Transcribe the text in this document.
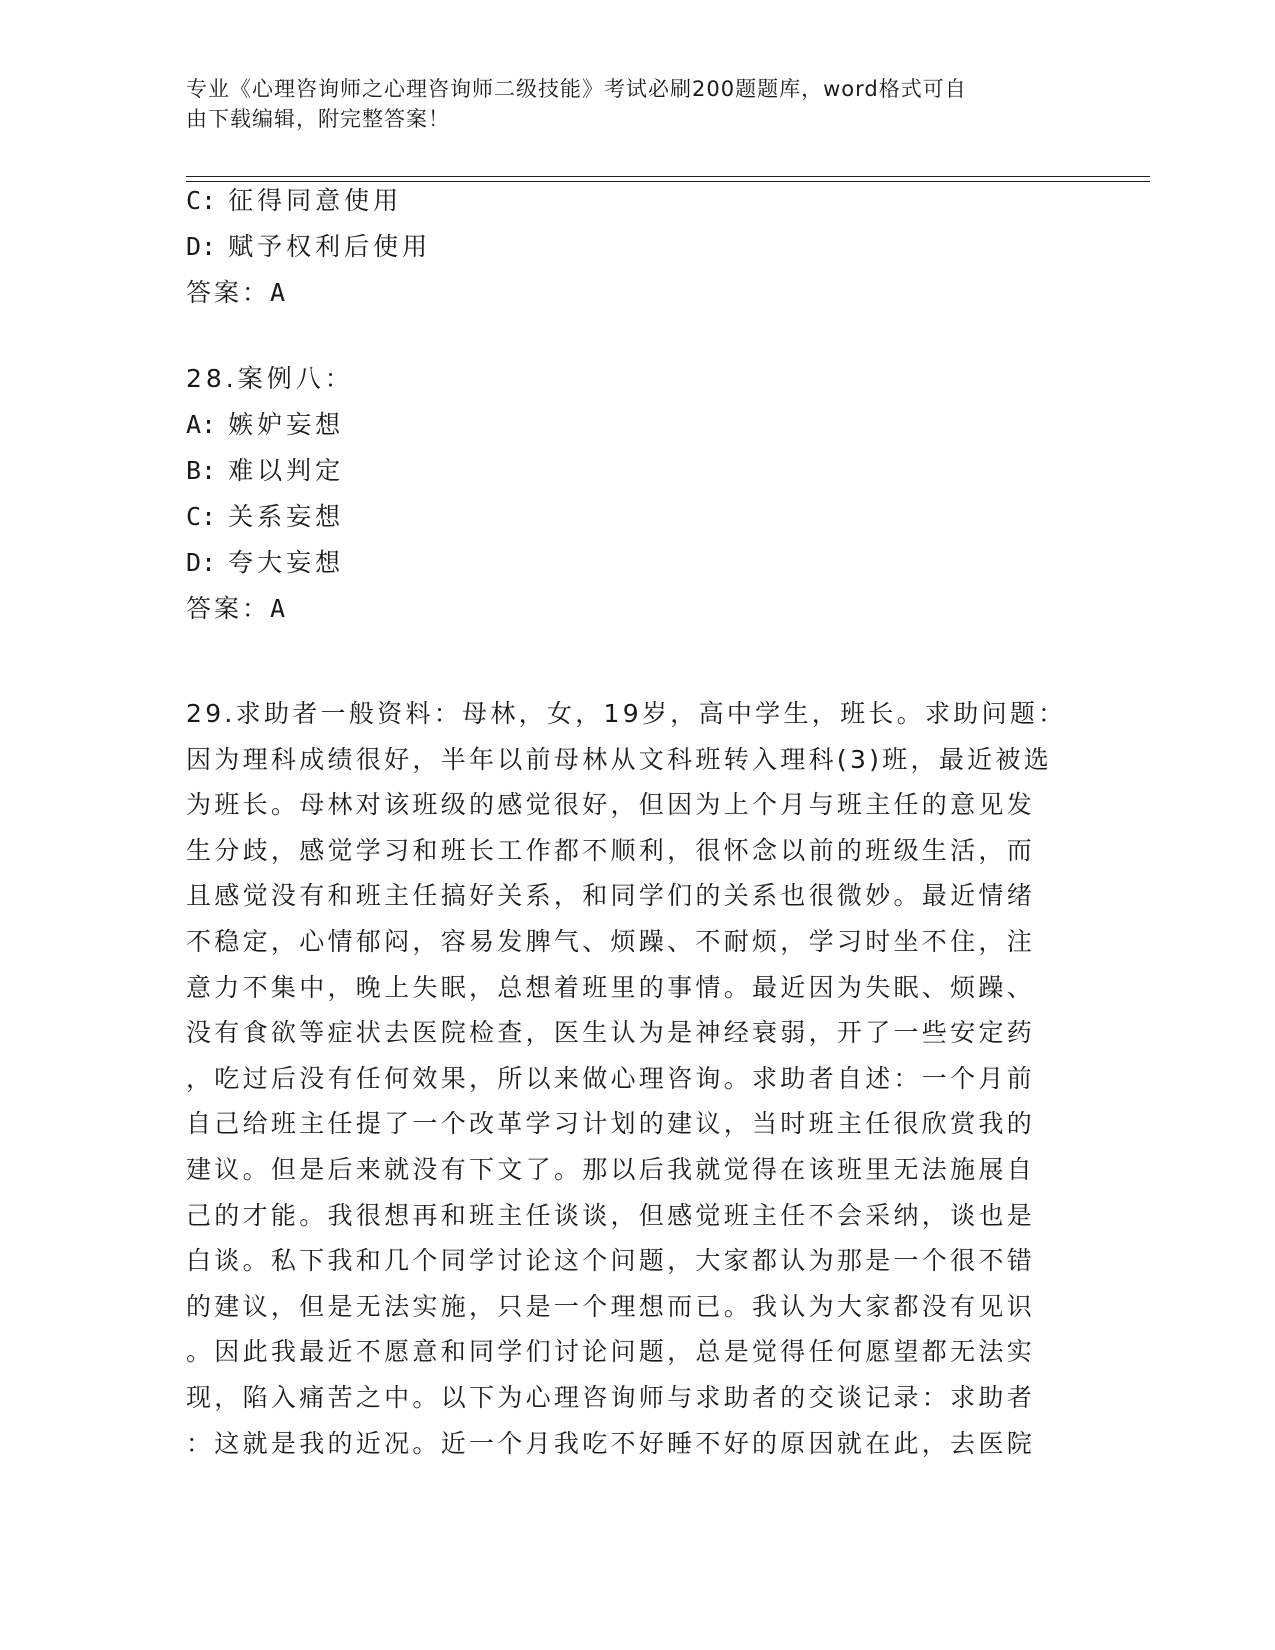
专业《心理咨询师之心理咨询师二级技能》考试必刷200题题库，word格式可自
由下载编辑，附完整答案！
C: 征得同意使用
D: 赋予权利后使用
答案：A
28.案例八：
A: 嫉妒妄想
B: 难以判定
C: 关系妄想
D: 夸大妄想
答案：A
29.求助者一般资料：母林，女，19岁，高中学生，班长。求助问题：
因为理科成绩很好，半年以前母林从文科班转入理科(3)班，最近被选
为班长。母林对该班级的感觉很好，但因为上个月与班主任的意见发
生分歧，感觉学习和班长工作都不顺利，很怀念以前的班级生活，而
且感觉没有和班主任搞好关系，和同学们的关系也很微妙。最近情绪
不稳定，心情郁闷，容易发脾气、烦躁、不耐烦，学习时坐不住，注
意力不集中，晚上失眠，总想着班里的事情。最近因为失眠、烦躁、
没有食欲等症状去医院检查，医生认为是神经衰弱，开了一些安定药
，吃过后没有任何效果，所以来做心理咨询。求助者自述：一个月前
自己给班主任提了一个改革学习计划的建议，当时班主任很欣赏我的
建议。但是后来就没有下文了。那以后我就觉得在该班里无法施展自
己的才能。我很想再和班主任谈谈，但感觉班主任不会采纳，谈也是
白谈。私下我和几个同学讨论这个问题，大家都认为那是一个很不错
的建议，但是无法实施，只是一个理想而已。我认为大家都没有见识
。因此我最近不愿意和同学们讨论问题，总是觉得任何愿望都无法实
现，陷入痛苦之中。以下为心理咨询师与求助者的交谈记录：求助者
：这就是我的近况。近一个月我吃不好睡不好的原因就在此，去医院
